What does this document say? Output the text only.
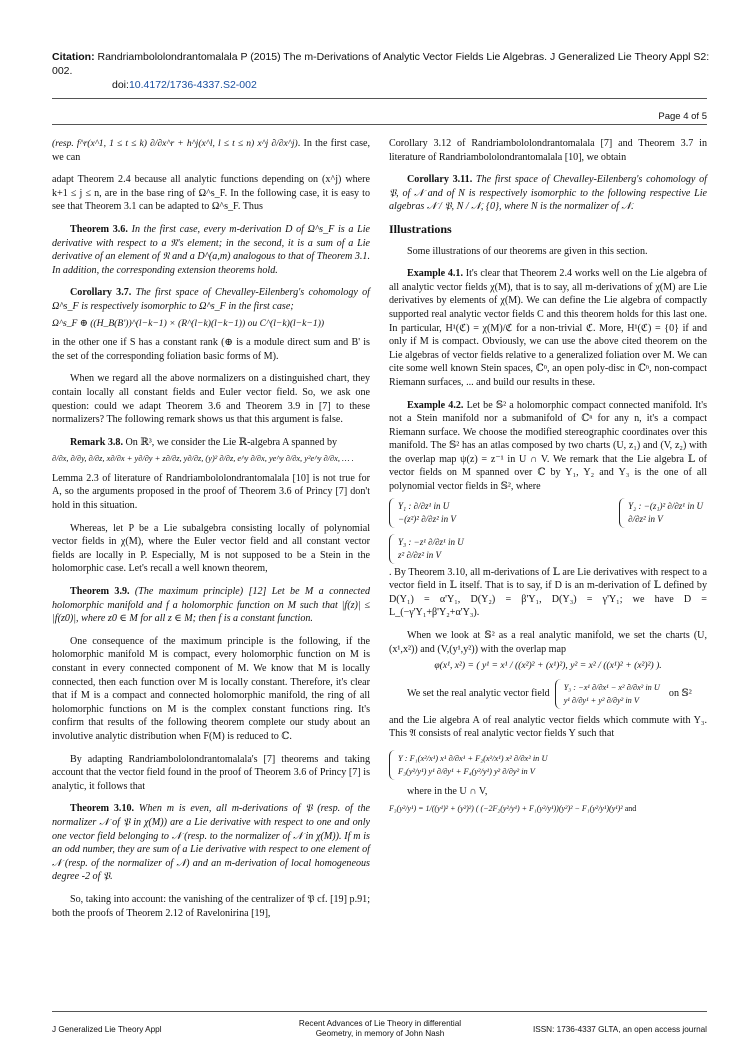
Citation: Randriambololondrantomalala P (2015) The m-Derivations of Analytic Vector Fields Lie Algebras. J Generalized Lie Theory Appl S2: 002.
doi:10.4172/1736-4337.S2-002
Page 4 of 5

(resp. f^r(x^1, 1 ≤ t ≤ k) ∂/∂x^r + h^j(x^l, l ≤ t ≤ n) x^j ∂/∂x^j). In the first case, we can

adapt Theorem 2.4 because all analytic functions depending on (x^j) where k+1 ≤ j ≤ n, are in the base ring of Ω^s_F. In the following case, it is easy to see that Theorem 3.1 can be adapted to Ω^s_F. Thus

Theorem 3.6. In the first case, every m-derivation D of Ω^s_F is a Lie derivative with respect to a 𝔑's element; in the second, it is a sum of a Lie derivative of an element of 𝔑 and a D^(a,m) analogous to that of Theorem 3.1. In addition, the corresponding extension theorems hold.

Corollary 3.7. The first space of Chevalley-Eilenberg's cohomology of Ω^s_F is respectively isomorphic to Ω^s_F in the first case;

Ω^s_F ⊕ ((H_B(B'))^(l−k−1) × (R^(l−k)(l−k−1)) ou C^(l−k)(l−k−1))

in the other one if S has a constant rank (⊕ is a module direct sum and B' is the set of the corresponding foliation basic forms of M).

When we regard all the above normalizers on a distinguished chart, they contain locally all constant fields and Euler vector field. So, we ask one question: could we adapt Theorem 3.6 and Theorem 3.9 in [7] to these normalizers? The following remark shows us that this argument is false.

Remark 3.8. On ℝ³, we consider the Lie ℝ-algebra A spanned by

∂/∂x, ∂/∂y, ∂/∂z, x∂/∂x + y∂/∂y + z∂/∂z, y∂/∂z, (y)² ∂/∂z, e^y ∂/∂x, ye^y ∂/∂x, y²e^y ∂/∂x, … .

Lemma 2.3 of literature of Randriambololondrantomalala [10] is not true for A, so the arguments proposed in the proof of Theorem 3.6 of Princy [7] don't hold in this situation.

Whereas, let P be a Lie subalgebra consisting locally of polynomial vector fields in χ(M), where the Euler vector field and all constant vector fields are locally in P. Especially, M is not supposed to be a Stein in the holomorphic case. Let's recall a well known theorem,

Theorem 3.9. (The maximum principle) [12] Let be M a connected holomorphic manifold and f a holomorphic function on M such that |f(z)| ≤ |f(z0)|, where z0 ∈ M for all z ∈ M; then f is a constant function.

One consequence of the maximum principle is the following, if the holomorphic manifold M is compact, every holomorphic function on M is constant in every connected component of M. We know that M is locally connected, then each function over M is locally constant. Therefore, it's clear that if M is a compact and connected holomorphic manifold, the ring of all holomorphic functions on M is the complex constant functions ring. It's confirm that results of the following theorem complete our study about an involutive analytic distribution when F(M) is reduced to ℂ.

By adapting Randriambololondrantomalala's [7] theorems and taking account that the vector field found in the proof of Theorem 3.6 of Princy [7] is analytic, it follows that

Theorem 3.10. When m is even, all m-derivations of 𝔓 (resp. of the normalizer 𝒩 of 𝔓 in χ(M)) are a Lie derivative with respect to one and only one vector field belonging to 𝒩 (resp. to the normalizer of 𝒩 in χ(M)). If m is an odd number, they are sum of a Lie derivative with respect to one element of 𝒩 (resp. of the normalizer of 𝒩) and an m-derivation of local homogeneous degree -2 of 𝔓.

So, taking into account: the vanishing of the centralizer of 𝔓 cf. [19] p.91; both the proofs of Theorem 2.12 of Ravelonirina [19],

Corollary 3.12 of Randriambololondrantomalala [7] and Theorem 3.7 in literature of Randriambololondrantomalala [10], we obtain

Corollary 3.11. The first space of Chevalley-Eilenberg's cohomology of 𝔓, of 𝒩 and of N is respectively isomorphic to the following respective Lie algebras 𝒩 / 𝔓, N / 𝒩, {0}, where N is the normalizer of 𝒩.

Illustrations

Some illustrations of our theorems are given in this section.

Example 4.1. It's clear that Theorem 2.4 works well on the Lie algebra of all analytic vector fields χ(M), that is to say, all m-derivations of χ(M) are Lie derivatives by elements of χ(M). We can define the Lie algebra of compactly supported real analytic vector fields C and this theorem holds for this last one. In particular, H¹(ℭ) = χ(M)/ℭ for a non-trivial ℭ. More, H¹(ℭ) = {0} if and only if M is compact. Obviously, we can use the above cited theorem on the Lie algebras of vector fields relative to a generalized foliation over M. We can cite some well known Stein spaces, ℂⁿ, an open poly-disc in ℂⁿ, non-compact Riemann surfaces, ... and build our results in these.

Example 4.2. Let be 𝕊² a holomorphic compact connected manifold. It's not a Stein manifold nor a submanifold of ℂⁿ for any n, it's a compact Riemann surface. We choose the modified stereographic coordinates over this manifold. The 𝕊² has an atlas composed by two charts (U, z₁) and (V, z₂) with the overlap map ψ(z) = z⁻¹ in U ∩ V. We remark that the Lie algebra 𝕃 of vector fields on M spanned over ℂ by Y₁, Y₂ and Y₃ is the one of all polynomial vector fields in 𝕊², where

Y₁ : ∂/∂z¹ in U
−(z²)² ∂/∂z² in V
Y₂ : −(z₁)² ∂/∂z¹ in U
∂/∂z² in V
Y₃ : −z¹ ∂/∂z¹ in U
z² ∂/∂z² in V

. By Theorem 3.10, all m-derivations of 𝕃 are Lie derivatives with respect to a vector field in 𝕃 itself. That is to say, if D is an m-derivation of 𝕃 defined by D(Y₁) = α'Y₁, D(Y₂) = β'Y₁, D(Y₃) = γ'Y₁; we have D = L_(−γ'Y₁+β'Y₂+α'Y₃).

When we look at 𝕊² as a real analytic manifold, we set the charts (U,(x¹,x²)) and (V,(y¹,y²)) with the overlap map

φ(x¹, x²) = ( y¹ = x¹ / ((x²)² + (x¹)²), y² = x² / ((x¹)² + (x²)²) ).
We set the real analytic vector field
Y₃ : −x¹ ∂/∂x¹ − x² ∂/∂x² in U
y¹ ∂/∂y¹ + y² ∂/∂y² in V
on 𝕊²

and the Lie algebra A of real analytic vector fields which commute with Y₃. This 𝔄 consists of real analytic vector fields Y such that

Y : F₁(x²/x¹) x¹ ∂/∂x¹ + F₂(x²/x¹) x² ∂/∂x² in U
F₃(y²/y¹) y¹ ∂/∂y¹ + F₄(y²/y¹) y² ∂/∂y² in V

where in the U ∩ V,

F₃(y²/y¹) = 1/((y¹)² + (y²)²) ( (−2F₂(y²/y¹) + F₁(y²/y¹))(y²)² − F₁(y²/y¹)(y¹)² and
J Generalized Lie Theory Appl
Recent Advances of Lie Theory in differential Geometry, in memory of John Nash	ISSN: 1736-4337 GLTA, an open access journal
